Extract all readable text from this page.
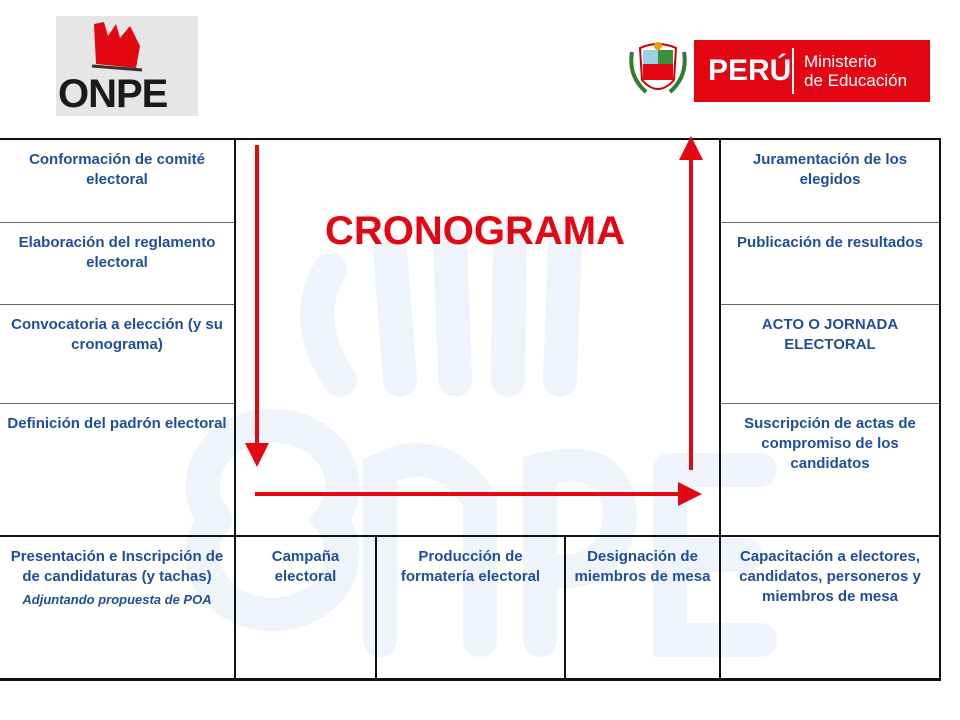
ONPE
PERÚ Ministerio
de Educación
Conformación de comité electoral
Elaboración del reglamento electoral
Convocatoria a elección (y su cronograma)
Definición del padrón electoral
Juramentación de los elegidos
Publicación de resultados
ACTO O JORNADA ELECTORAL
Suscripción de actas de compromiso de los candidatos
Presentación e Inscripción de de candidaturas (y tachas)
Adjuntando propuesta de POA
Campaña electoral
Producción de formatería electoral
Designación de miembros de mesa
Capacitación a electores, candidatos, personeros y miembros de mesa
CRONOGRAMA
